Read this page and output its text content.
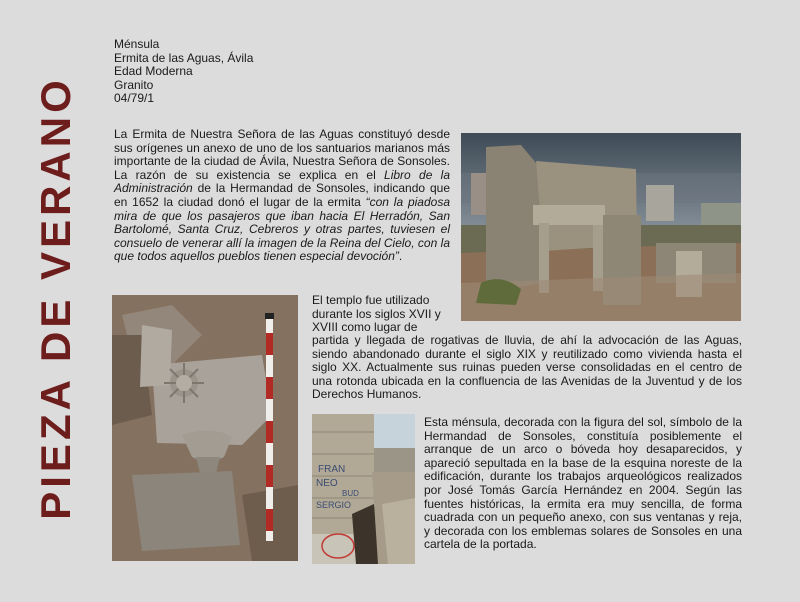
PIEZA DE VERANO
Ménsula
Ermita de las Aguas, Ávila
Edad Moderna
Granito
04/79/1

La Ermita de Nuestra Señora de las Aguas constituyó desde sus orígenes un anexo de uno de los santuarios marianos más importante de la ciudad de Ávila, Nuestra Señora de Sonsoles. La razón de su existencia se explica en el Libro de la Administración de la Hermandad de Sonsoles, indicando que en 1652 la ciudad donó el lugar de la ermita “con la piadosa mira de que los pasajeros que iban hacia El Herradón, San Bartolomé, Santa Cruz, Cebreros y otras partes, tuviesen el consuelo de venerar allí la imagen de la Reina del Cielo, con la que todos aquellos pueblos tienen especial devoción”.

El templo fue utilizado durante los siglos XVII y XVIII como lugar de

partida y llegada de rogativas de lluvia, de ahí la advocación de las Aguas, siendo abandonado durante el siglo XIX y reutilizado como vivienda hasta el siglo XX. Actualmente sus ruinas pueden verse consolidadas en el centro de una rotonda ubicada en la confluencia de las Avenidas de la Juventud y de los Derechos Humanos.

Esta ménsula, decorada con la figura del sol, símbolo de la Hermandad de Sonsoles, constituía posiblemente el arranque de un arco o bóveda hoy desaparecidos, y apareció sepultada en la base de la esquina noreste de la edificación, durante los trabajos arqueológicos realizados por José Tomás García Hernández en 2004. Según las fuentes históricas, la ermita era muy sencilla, de forma cuadrada con un pequeño anexo, con sus ventanas y reja, y decorada con los emblemas solares de Sonsoles en una cartela de la portada.

FRAN
NEO
BUD
SERGIO
